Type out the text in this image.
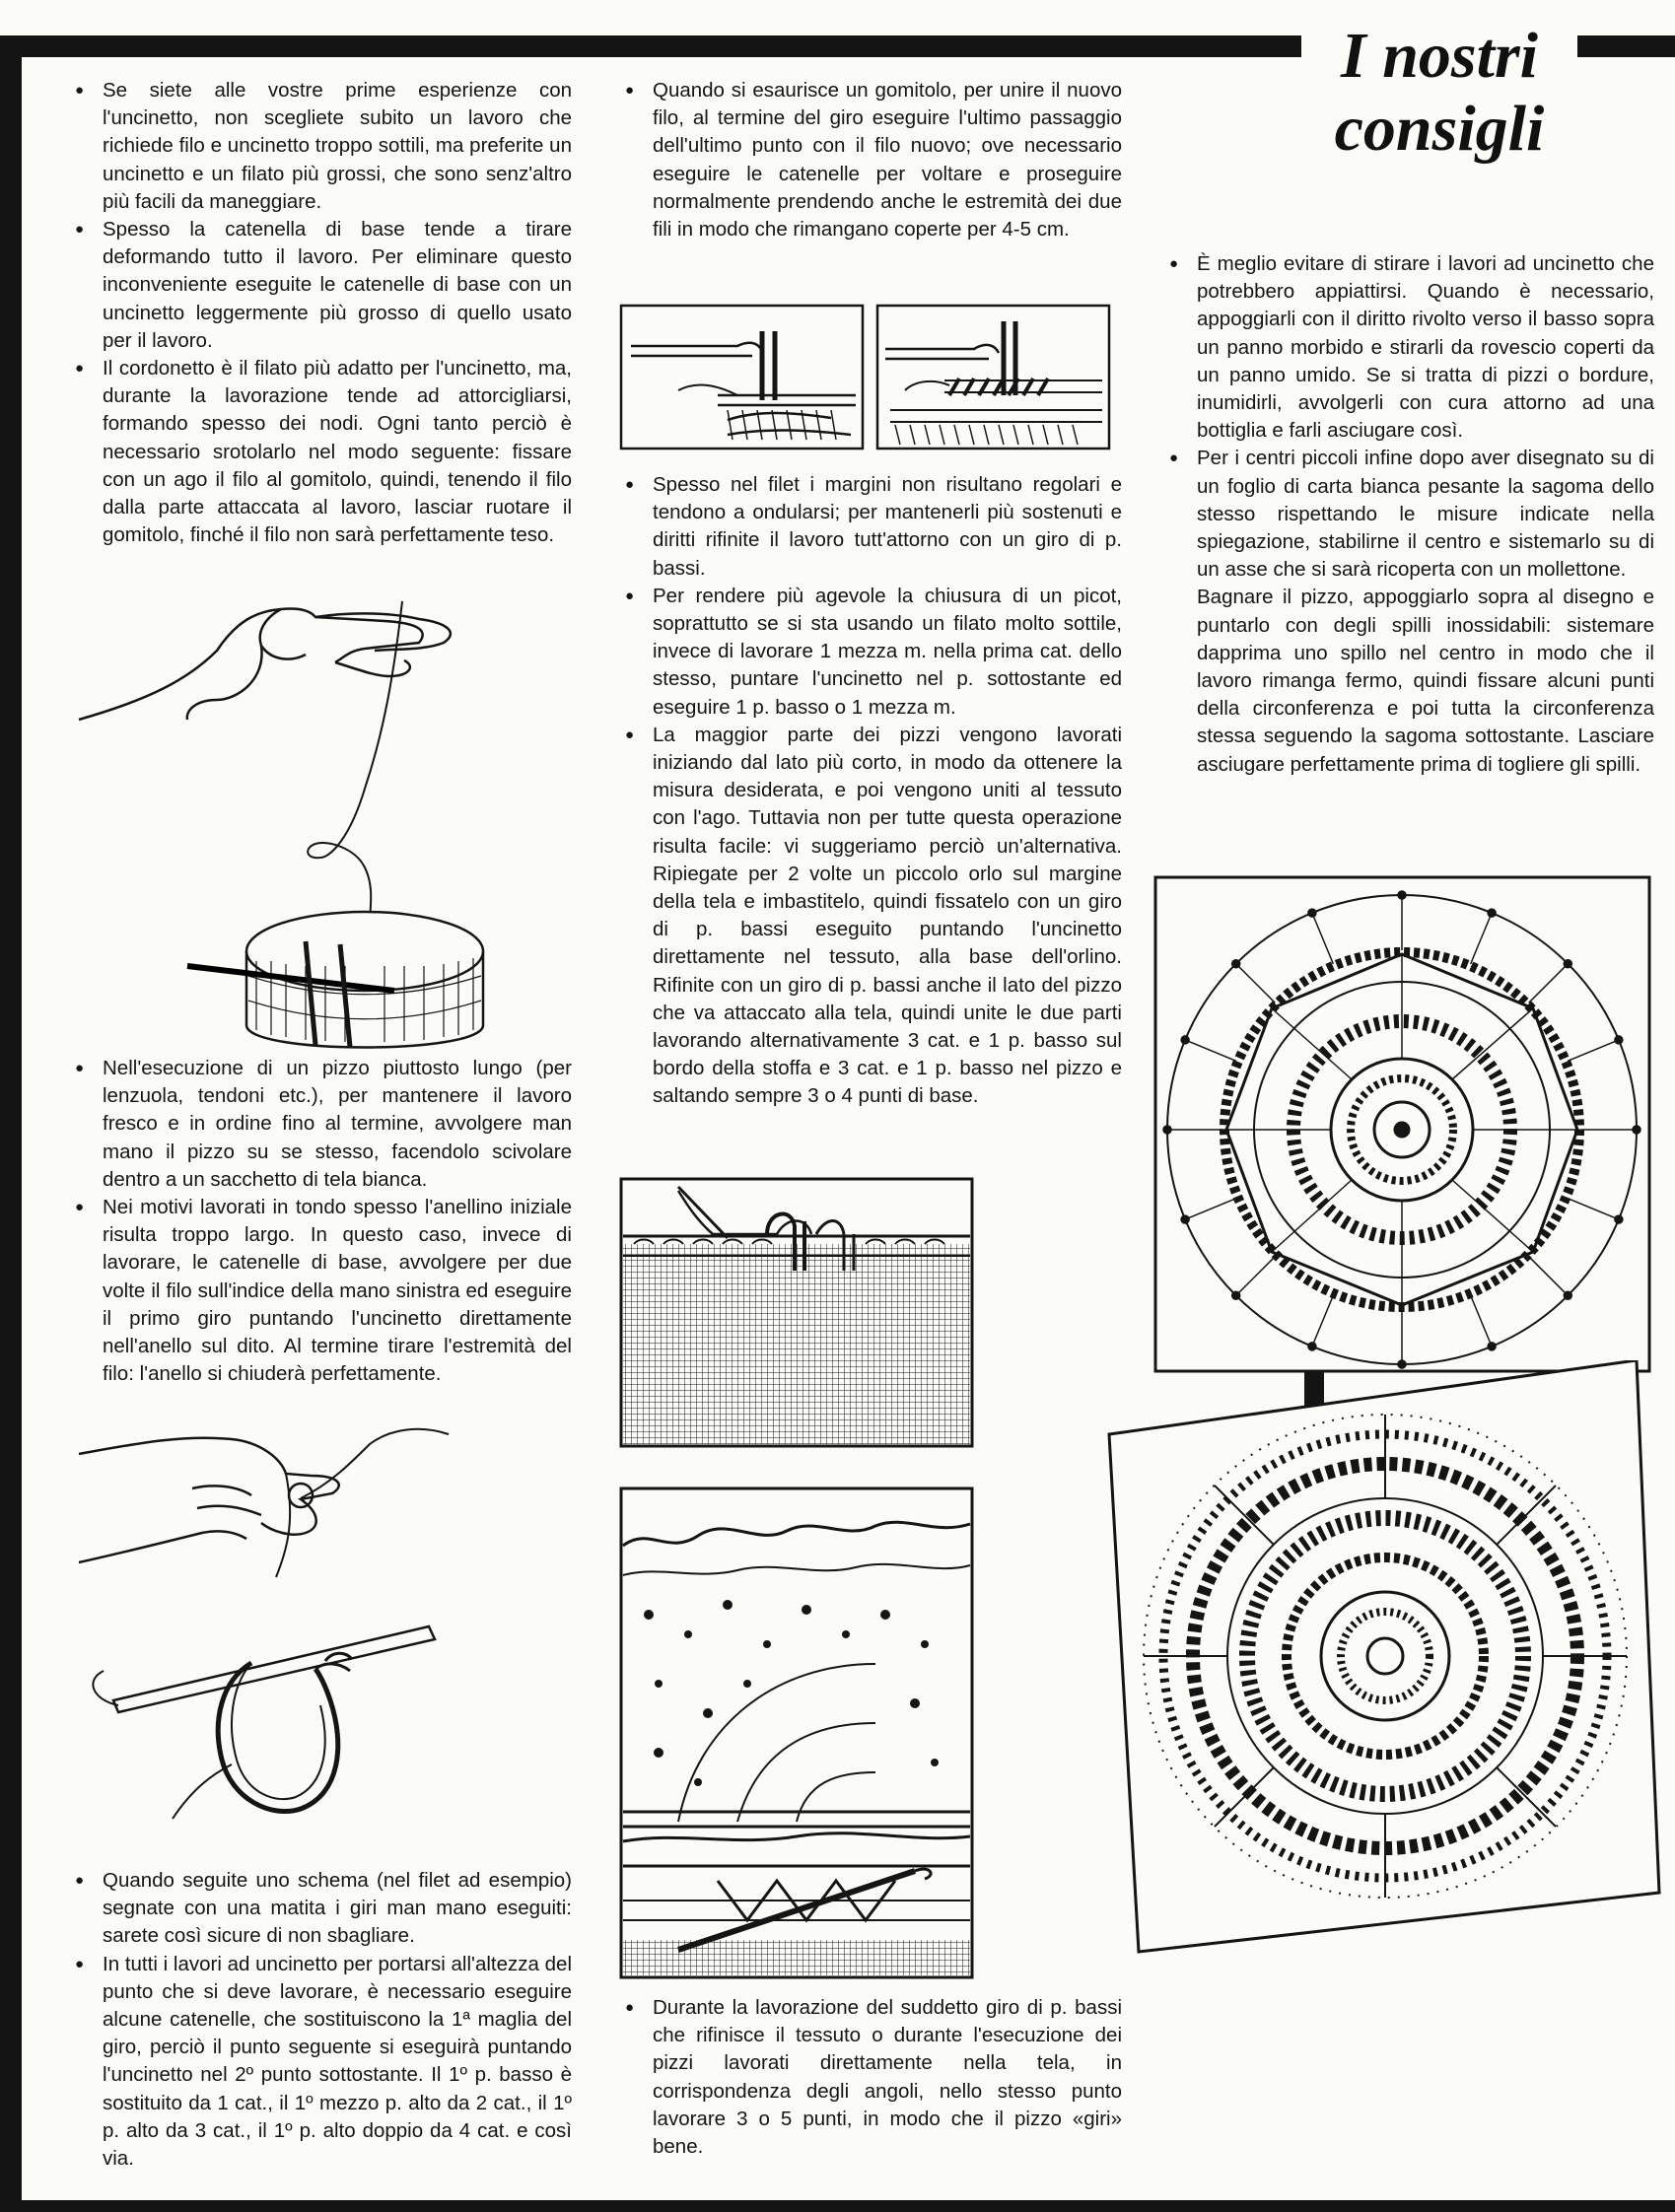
I nostri
consigli
● Se siete alle vostre prime esperienze con l'uncinetto, non scegliete subito un lavoro che richiede filo e uncinetto troppo sottili, ma preferite un uncinetto e un filato più grossi, che sono senz'altro più facili da maneggiare.
● Spesso la catenella di base tende a tirare deformando tutto il lavoro. Per eliminare questo inconveniente eseguite le catenelle di base con un uncinetto leggermente più grosso di quello usato per il lavoro.
● Il cordonetto è il filato più adatto per l'uncinetto, ma, durante la lavorazione tende ad attorcigliarsi, formando spesso dei nodi. Ogni tanto perciò è necessario srotolarlo nel modo seguente: fissare con un ago il filo al gomitolo, quindi, tenendo il filo dalla parte attaccata al lavoro, lasciar ruotare il gomitolo, finché il filo non sarà perfettamente teso.
● Nell'esecuzione di un pizzo piuttosto lungo (per lenzuola, tendoni etc.), per mantenere il lavoro fresco e in ordine fino al termine, avvolgere man mano il pizzo su se stesso, facendolo scivolare dentro a un sacchetto di tela bianca.
● Nei motivi lavorati in tondo spesso l'anellino iniziale risulta troppo largo. In questo caso, invece di lavorare, le catenelle di base, avvolgere per due volte il filo sull'indice della mano sinistra ed eseguire il primo giro puntando l'uncinetto direttamente nell'anello sul dito. Al termine tirare l'estremità del filo: l'anello si chiuderà perfettamente.
● Quando seguite uno schema (nel filet ad esempio) segnate con una matita i giri man mano eseguiti: sarete così sicure di non sbagliare.
● In tutti i lavori ad uncinetto per portarsi all'altezza del punto che si deve lavorare, è necessario eseguire alcune catenelle, che sostituiscono la 1ª maglia del giro, perciò il punto seguente si eseguirà puntando l'uncinetto nel 2º punto sottostante. Il 1º p. basso è sostituito da 1 cat., il 1º mezzo p. alto da 2 cat., il 1º p. alto da 3 cat., il 1º p. alto doppio da 4 cat. e così via.
● Quando si esaurisce un gomitolo, per unire il nuovo filo, al termine del giro eseguire l'ultimo passaggio dell'ultimo punto con il filo nuovo; ove necessario eseguire le catenelle per voltare e proseguire normalmente prendendo anche le estremità dei due fili in modo che rimangano coperte per 4-5 cm.
● Spesso nel filet i margini non risultano regolari e tendono a ondularsi; per mantenerli più sostenuti e diritti rifinite il lavoro tutt'attorno con un giro di p. bassi.
● Per rendere più agevole la chiusura di un picot, soprattutto se si sta usando un filato molto sottile, invece di lavorare 1 mezza m. nella prima cat. dello stesso, puntare l'uncinetto nel p. sottostante ed eseguire 1 p. basso o 1 mezza m.
● La maggior parte dei pizzi vengono lavorati iniziando dal lato più corto, in modo da ottenere la misura desiderata, e poi vengono uniti al tessuto con l'ago. Tuttavia non per tutte questa operazione risulta facile: vi suggeriamo perciò un'alternativa. Ripiegate per 2 volte un piccolo orlo sul margine della tela e imbastitelo, quindi fissatelo con un giro di p. bassi eseguito puntando l'uncinetto direttamente nel tessuto, alla base dell'orlino. Rifinite con un giro di p. bassi anche il lato del pizzo che va attaccato alla tela, quindi unite le due parti lavorando alternativamente 3 cat. e 1 p. basso sul bordo della stoffa e 3 cat. e 1 p. basso nel pizzo e saltando sempre 3 o 4 punti di base.
● Durante la lavorazione del suddetto giro di p. bassi che rifinisce il tessuto o durante l'esecuzione dei pizzi lavorati direttamente nella tela, in corrispondenza degli angoli, nello stesso punto lavorare 3 o 5 punti, in modo che il pizzo «giri» bene.
● È meglio evitare di stirare i lavori ad uncinetto che potrebbero appiattirsi. Quando è necessario, appoggiarli con il diritto rivolto verso il basso sopra un panno morbido e stirarli da rovescio coperti da un panno umido. Se si tratta di pizzi o bordure, inumidirli, avvolgerli con cura attorno ad una bottiglia e farli asciugare così.
● Per i centri piccoli infine dopo aver disegnato su di un foglio di carta bianca pesante la sagoma dello stesso rispettando le misure indicate nella spiegazione, stabilirne il centro e sistemarlo su di un asse che si sarà ricoperta con un mollettone.

Bagnare il pizzo, appoggiarlo sopra al disegno e puntarlo con degli spilli inossidabili: sistemare dapprima uno spillo nel centro in modo che il lavoro rimanga fermo, quindi fissare alcuni punti della circonferenza e poi tutta la circonferenza stessa seguendo la sagoma sottostante. Lasciare asciugare perfettamente prima di togliere gli spilli.
